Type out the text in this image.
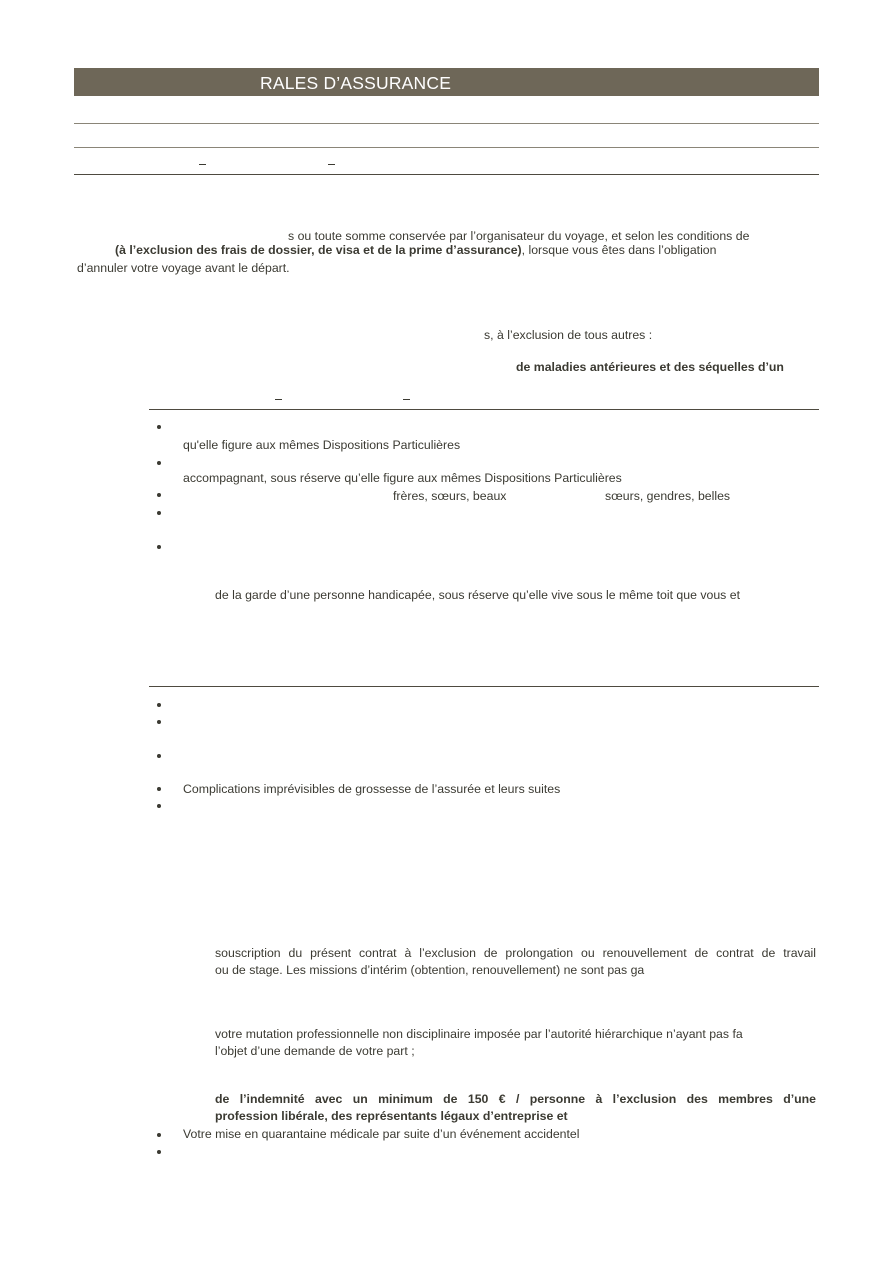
RALES D’ASSURANCE
s ou toute somme conservée par l’organisateur du voyage, et selon les conditions de
(à l’exclusion des frais de dossier, de visa et de la prime d’assurance), lorsque vous êtes dans l’obligation
d’annuler votre voyage avant le départ.
s, à l’exclusion de tous autres :
de maladies antérieures et des séquelles d’un
qu'elle figure aux mêmes Dispositions Particulières
accompagnant, sous réserve qu’elle figure aux mêmes Dispositions Particulières
frères, sœurs, beaux	sœurs, gendres, belles
de la garde d’une personne handicapée, sous réserve qu’elle vive sous le même toit que vous et
Complications imprévisibles de grossesse de l’assurée et leurs suites
souscription du présent contrat à l’exclusion de prolongation ou renouvellement de contrat de travail
ou de stage. Les missions d’intérim (obtention, renouvellement) ne sont pas ga
votre mutation professionnelle non disciplinaire imposée par l’autorité hiérarchique n’ayant pas fa
l’objet d’une demande de votre part ;
de l’indemnité avec un minimum de 150 € / personne à l’exclusion des membres d’une
profession libérale, des représentants légaux d’entreprise et
Votre mise en quarantaine médicale par suite d’un événement accidentel
